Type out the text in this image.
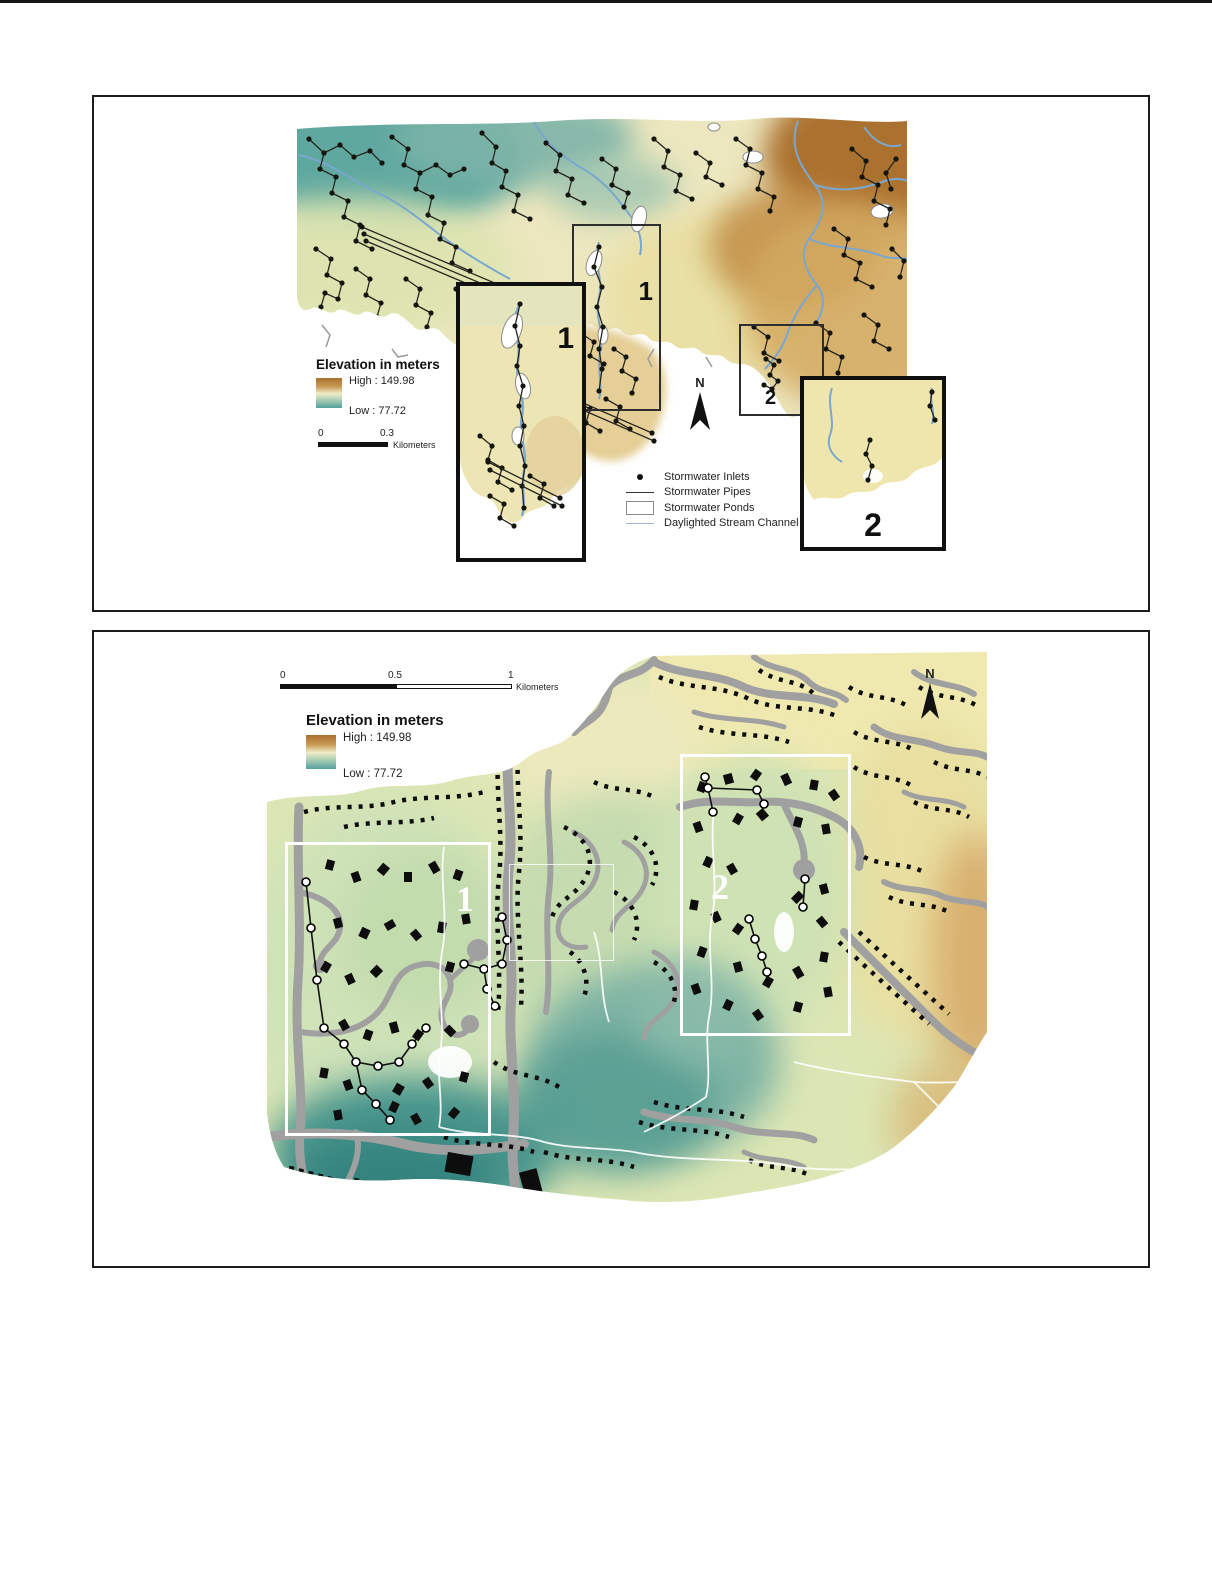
1
2
1
2
Elevation in meters
High : 149.98
Low : 77.72
0	0.3
Kilometers
N
Stormwater Inlets
Stormwater Pipes
Stormwater Ponds
Daylighted Stream Channel
1	2
0	0.5	1
Kilometers
Elevation in meters
High : 149.98
Low : 77.72
N
